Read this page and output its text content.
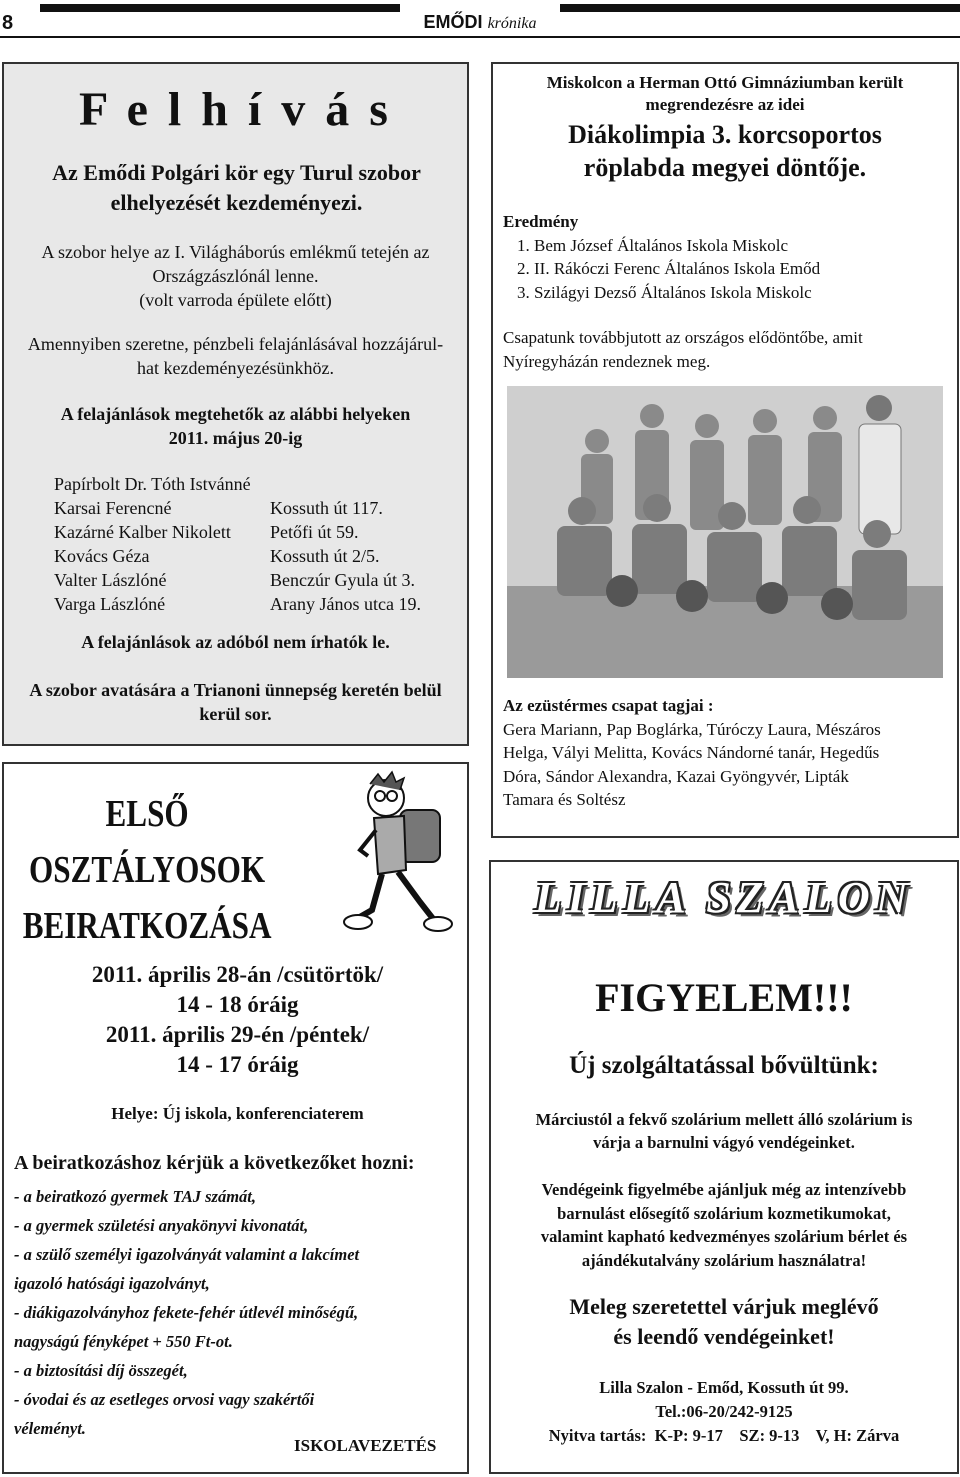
8	EMŐDI krónika
F e l h í v á s
Az Emődi Polgári kör egy Turul szobor elhelyezését kezdeményezi.

A szobor helye az I. Világháborús emlékmű tetején az

Országzászlónál lenne.

(volt varroda épülete előtt)

Amennyiben szeretne, pénzbeli felajánlásával hozzájárul-

hat kezdeményezésünkhöz.

A felajánlások megtehetők az alábbi helyeken

2011. május 20-ig

Papírbolt Dr. Tóth Istvánné
Karsai Ferencné	Kossuth út 117.
Kazárné Kalber Nikolett	Petőfi út 59.
Kovács Géza	Kossuth út 2/5.
Valter Lászlóné	Benczúr Gyula út 3.
Varga Lászlóné	Arany János utca 19.
A felajánlások az adóból nem írhatók le.
A szobor avatására a Trianoni ünnepség keretén belül kerül sor.

Miskolcon a Herman Ottó Gimnáziumban került

megrendezésre az idei

Diákolimpia 3. korcsoportos

röplabda megyei döntője.

Eredmény

1. Bem József Általános Iskola Miskolc

2. II. Rákóczi Ferenc Általános Iskola Emőd

3. Szilágyi Dezső Általános Iskola Miskolc

Csapatunk továbbjutott az országos elődöntőbe, amit

Nyíregyházán rendeznek meg.

Az ezüstérmes csapat tagjai :

Gera Mariann, Pap Boglárka, Túróczy Laura, Mészáros

Helga, Vályi Melitta, Kovács Nándorné tanár, Hegedűs

Dóra, Sándor Alexandra, Kazai Gyöngyvér, Lipták

Tamara és Soltész

ELSŐ

OSZTÁLYOSOK

BEIRATKOZÁSA

2011. április 28-án /csütörtök/

14 - 18 óráig

2011. április 29-én /péntek/

14 - 17 óráig

Helye: Új iskola, konferenciaterem
A beiratkozáshoz kérjük a következőket hozni:

- a beiratkozó gyermek TAJ számát,

- a gyermek születési anyakönyvi kivonatát,

- a szülő személyi igazolványát valamint a lakcímet

igazoló hatósági igazolványt,

- diákigazolványhoz fekete-fehér útlevél minőségű,

nagyságú fényképet + 550 Ft-ot.

- a biztosítási díj összegét,

- óvodai és az esetleges orvosi vagy szakértői

véleményt.

ISKOLAVEZETÉS
LILLA SZALON
FIGYELEM!!!
Új szolgáltatással bővültünk:

Márciustól a fekvő szolárium mellett álló szolárium is

várja a barnulni vágyó vendégeinket.

Vendégeink figyelmébe ajánljuk még az intenzívebb

barnulást elősegítő szolárium kozmetikumokat,

valamint kapható kedvezményes szolárium bérlet és

ajándékutalvány szolárium használatra!

Meleg szeretettel várjuk meglévő

és leendő vendégeinket!

Lilla Szalon - Emőd, Kossuth út 99.

Tel.:06-20/242-9125

Nyitva tartás:  K-P: 9-17    SZ: 9-13    V, H: Zárva
